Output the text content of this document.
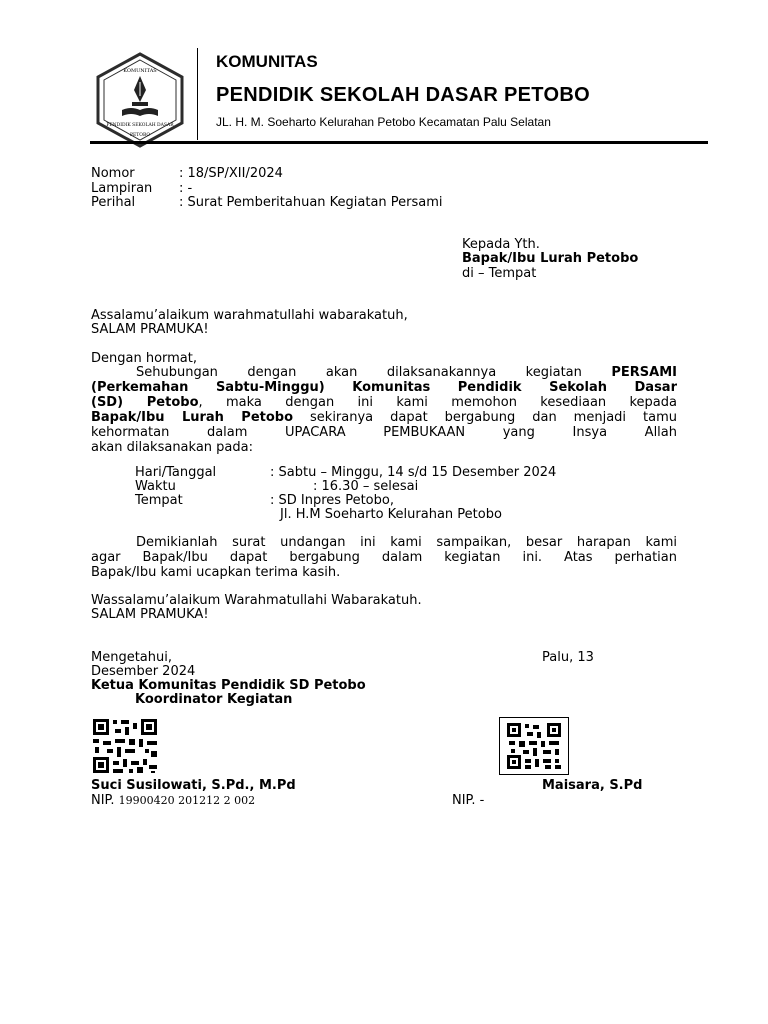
KOMUNITAS
PENDIDIK SEKOLAH DASAR
PETOBO
KOMUNITAS
PENDIDIK SEKOLAH DASAR PETOBO
JL. H. M. Soeharto Kelurahan Petobo Kecamatan Palu Selatan
Nomor	: 18/SP/XII/2024
Lampiran : -
Perihal	: Surat Pemberitahuan Kegiatan Persami
Kepada Yth.
Bapak/Ibu Lurah Petobo
di – Tempat
Assalamu’alaikum warahmatullahi wabarakatuh,
SALAM PRAMUKA!
Dengan hormat,
Sehubungan dengan akan dilaksanakannya kegiatan PERSAMI
(Perkemahan Sabtu-Minggu) Komunitas Pendidik Sekolah Dasar
(SD) Petobo, maka dengan ini kami memohon kesediaan kepada
Bapak/Ibu Lurah Petobo sekiranya dapat bergabung dan menjadi tamu
kehormatan dalam UPACARA PEMBUKAAN yang Insya Allah
akan dilaksanakan pada:
Hari/Tanggal	: Sabtu – Minggu, 14 s/d 15 Desember 2024
Waktu	: 16.30 – selesai
Tempat	: SD Inpres Petobo,
Jl. H.M Soeharto Kelurahan Petobo
Demikianlah surat undangan ini kami sampaikan, besar harapan kami
agar Bapak/Ibu dapat bergabung dalam kegiatan ini. Atas perhatian
Bapak/Ibu kami ucapkan terima kasih.
Wassalamu’alaikum Warahmatullahi Wabarakatuh.
SALAM PRAMUKA!
Mengetahui,	Palu, 13
Desember 2024
Ketua Komunitas Pendidik SD Petobo
Koordinator Kegiatan
Suci Susilowati, S.Pd., M.Pd	Maisara, S.Pd
NIP. 19900420 201212 2 002	NIP. -
